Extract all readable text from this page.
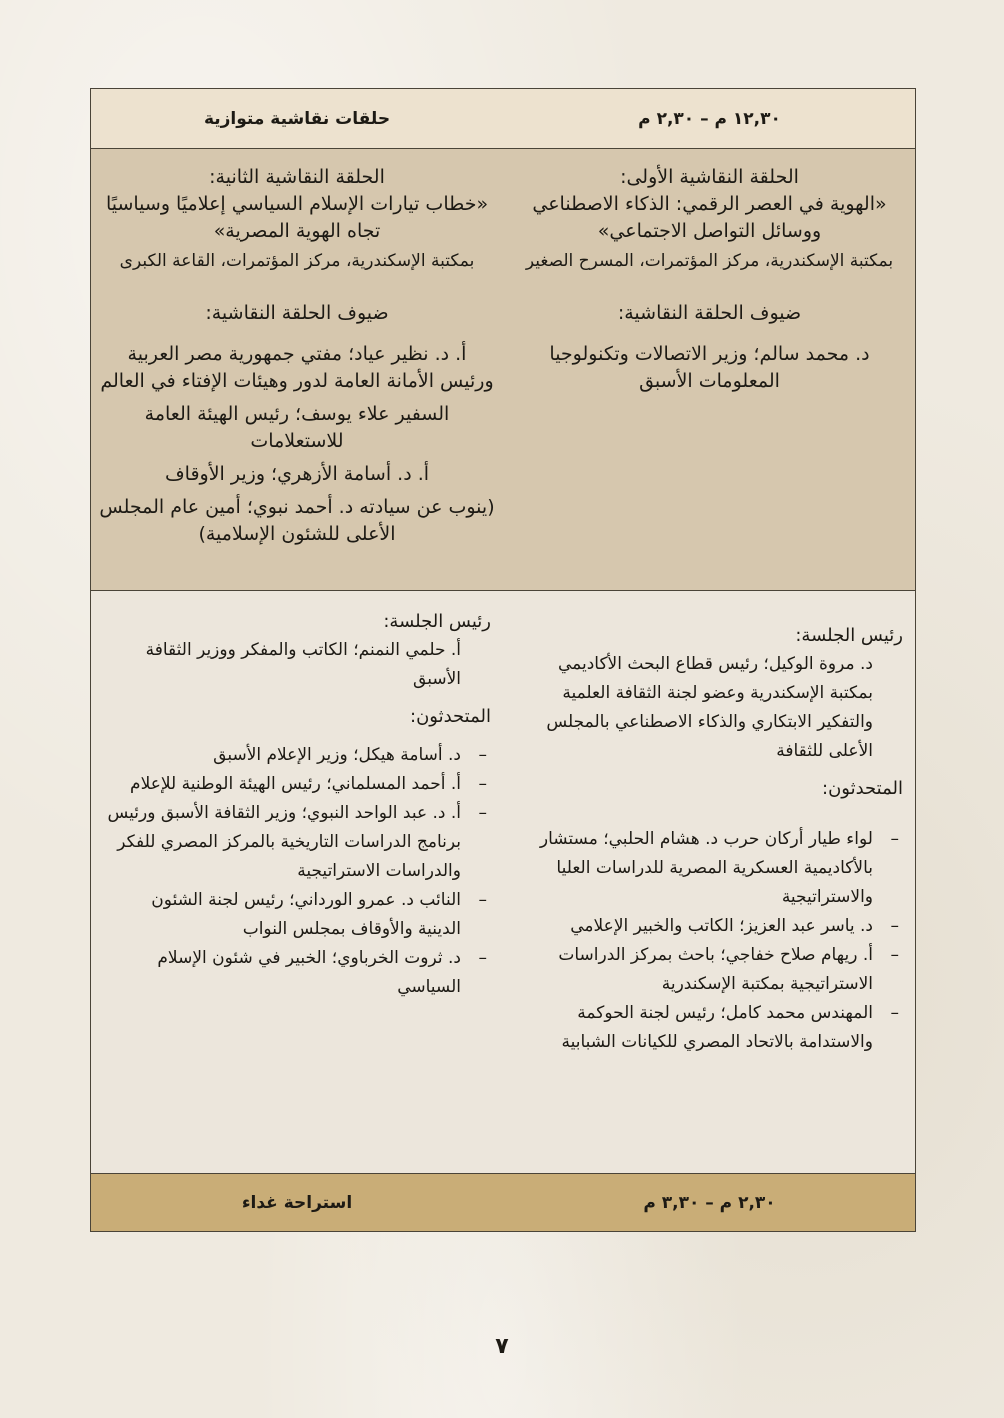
١٢,٣٠ م – ٢,٣٠ م
حلقات نقاشية متوازية
الحلقة النقاشية الأولى:
«الهوية في العصر الرقمي: الذكاء الاصطناعي ووسائل التواصل الاجتماعي»
بمكتبة الإسكندرية، مركز المؤتمرات، المسرح الصغير
ضيوف الحلقة النقاشية:
د. محمد سالم؛ وزير الاتصالات وتكنولوجيا المعلومات الأسبق
الحلقة النقاشية الثانية:
«خطاب تيارات الإسلام السياسي إعلاميًا وسياسيًا تجاه الهوية المصرية»
بمكتبة الإسكندرية، مركز المؤتمرات، القاعة الكبرى
ضيوف الحلقة النقاشية:
أ. د. نظير عياد؛ مفتي جمهورية مصر العربية ورئيس الأمانة العامة لدور وهيئات الإفتاء في العالم
السفير علاء يوسف؛ رئيس الهيئة العامة للاستعلامات
أ. د. أسامة الأزهري؛ وزير الأوقاف
(ينوب عن سيادته د. أحمد نبوي؛ أمين عام المجلس الأعلى للشئون الإسلامية)
رئيس الجلسة:
د. مروة الوكيل؛ رئيس قطاع البحث الأكاديمي بمكتبة الإسكندرية وعضو لجنة الثقافة العلمية والتفكير الابتكاري والذكاء الاصطناعي بالمجلس الأعلى للثقافة
المتحدثون:
–
لواء طيار أركان حرب د. هشام الحلبي؛ مستشار بالأكاديمية العسكرية المصرية للدراسات العليا والاستراتيجية
–
د. ياسر عبد العزيز؛ الكاتب والخبير الإعلامي
–
أ. ريهام صلاح خفاجي؛ باحث بمركز الدراسات الاستراتيجية بمكتبة الإسكندرية
–
المهندس محمد كامل؛ رئيس لجنة الحوكمة والاستدامة بالاتحاد المصري للكيانات الشبابية
رئيس الجلسة:
أ. حلمي النمنم؛ الكاتب والمفكر ووزير الثقافة الأسبق
المتحدثون:
–
د. أسامة هيكل؛ وزير الإعلام الأسبق
–
أ. أحمد المسلماني؛ رئيس الهيئة الوطنية للإعلام
–
أ. د. عبد الواحد النبوي؛ وزير الثقافة الأسبق ورئيس برنامج الدراسات التاريخية بالمركز المصري للفكر والدراسات الاستراتيجية
–
النائب د. عمرو الورداني؛ رئيس لجنة الشئون الدينية والأوقاف بمجلس النواب
–
د. ثروت الخرباوي؛ الخبير في شئون الإسلام السياسي
٢,٣٠ م – ٣,٣٠ م
استراحة غداء
٧
